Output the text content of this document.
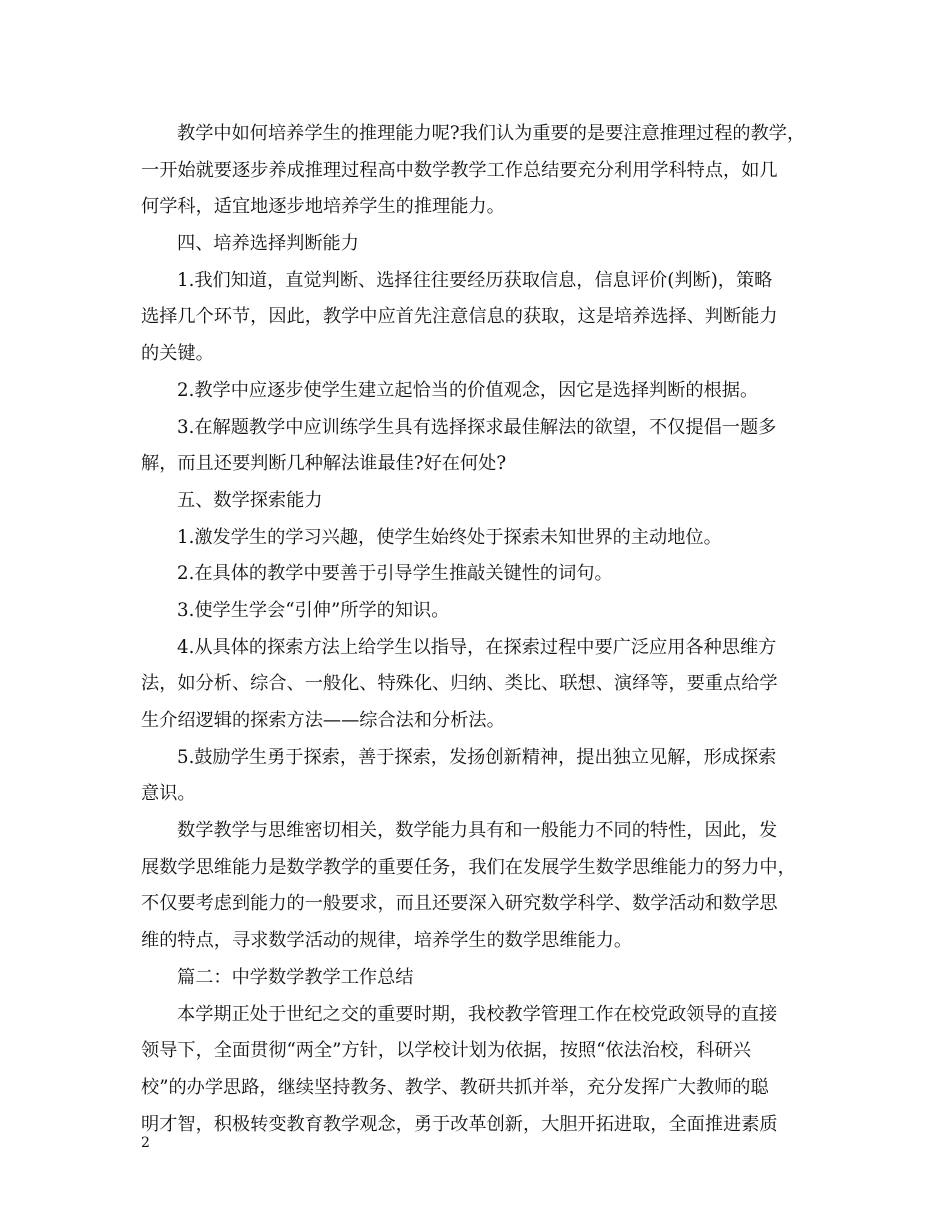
教学中如何培养学生的推理能力呢?我们认为重要的是要注意推理过程的教学，
一开始就要逐步养成推理过程高中数学教学工作总结要充分利用学科特点，如几
何学科，适宜地逐步地培养学生的推理能力。
四、培养选择判断能力
1.我们知道，直觉判断、选择往往要经历获取信息，信息评价(判断)，策略
选择几个环节，因此，教学中应首先注意信息的获取，这是培养选择、判断能力
的关键。
2.教学中应逐步使学生建立起恰当的价值观念，因它是选择判断的根据。
3.在解题教学中应训练学生具有选择探求最佳解法的欲望，不仅提倡一题多
解，而且还要判断几种解法谁最佳?好在何处?
五、数学探索能力
1.激发学生的学习兴趣，使学生始终处于探索未知世界的主动地位。
2.在具体的教学中要善于引导学生推敲关键性的词句。
3.使学生学会“引伸”所学的知识。
4.从具体的探索方法上给学生以指导，在探索过程中要广泛应用各种思维方
法，如分析、综合、一般化、特殊化、归纳、类比、联想、演绎等，要重点给学
生介绍逻辑的探索方法——综合法和分析法。
5.鼓励学生勇于探索，善于探索，发扬创新精神，提出独立见解，形成探索
意识。
数学教学与思维密切相关，数学能力具有和一般能力不同的特性，因此，发
展数学思维能力是数学教学的重要任务，我们在发展学生数学思维能力的努力中，
不仅要考虑到能力的一般要求，而且还要深入研究数学科学、数学活动和数学思
维的特点，寻求数学活动的规律，培养学生的数学思维能力。
篇二：中学数学教学工作总结
本学期正处于世纪之交的重要时期，我校教学管理工作在校党政领导的直接
领导下，全面贯彻“两全”方针，以学校计划为依据，按照“依法治校，科研兴
校”的办学思路，继续坚持教务、教学、教研共抓并举，充分发挥广大教师的聪
明才智，积极转变教育教学观念，勇于改革创新，大胆开拓进取，全面推进素质
2
